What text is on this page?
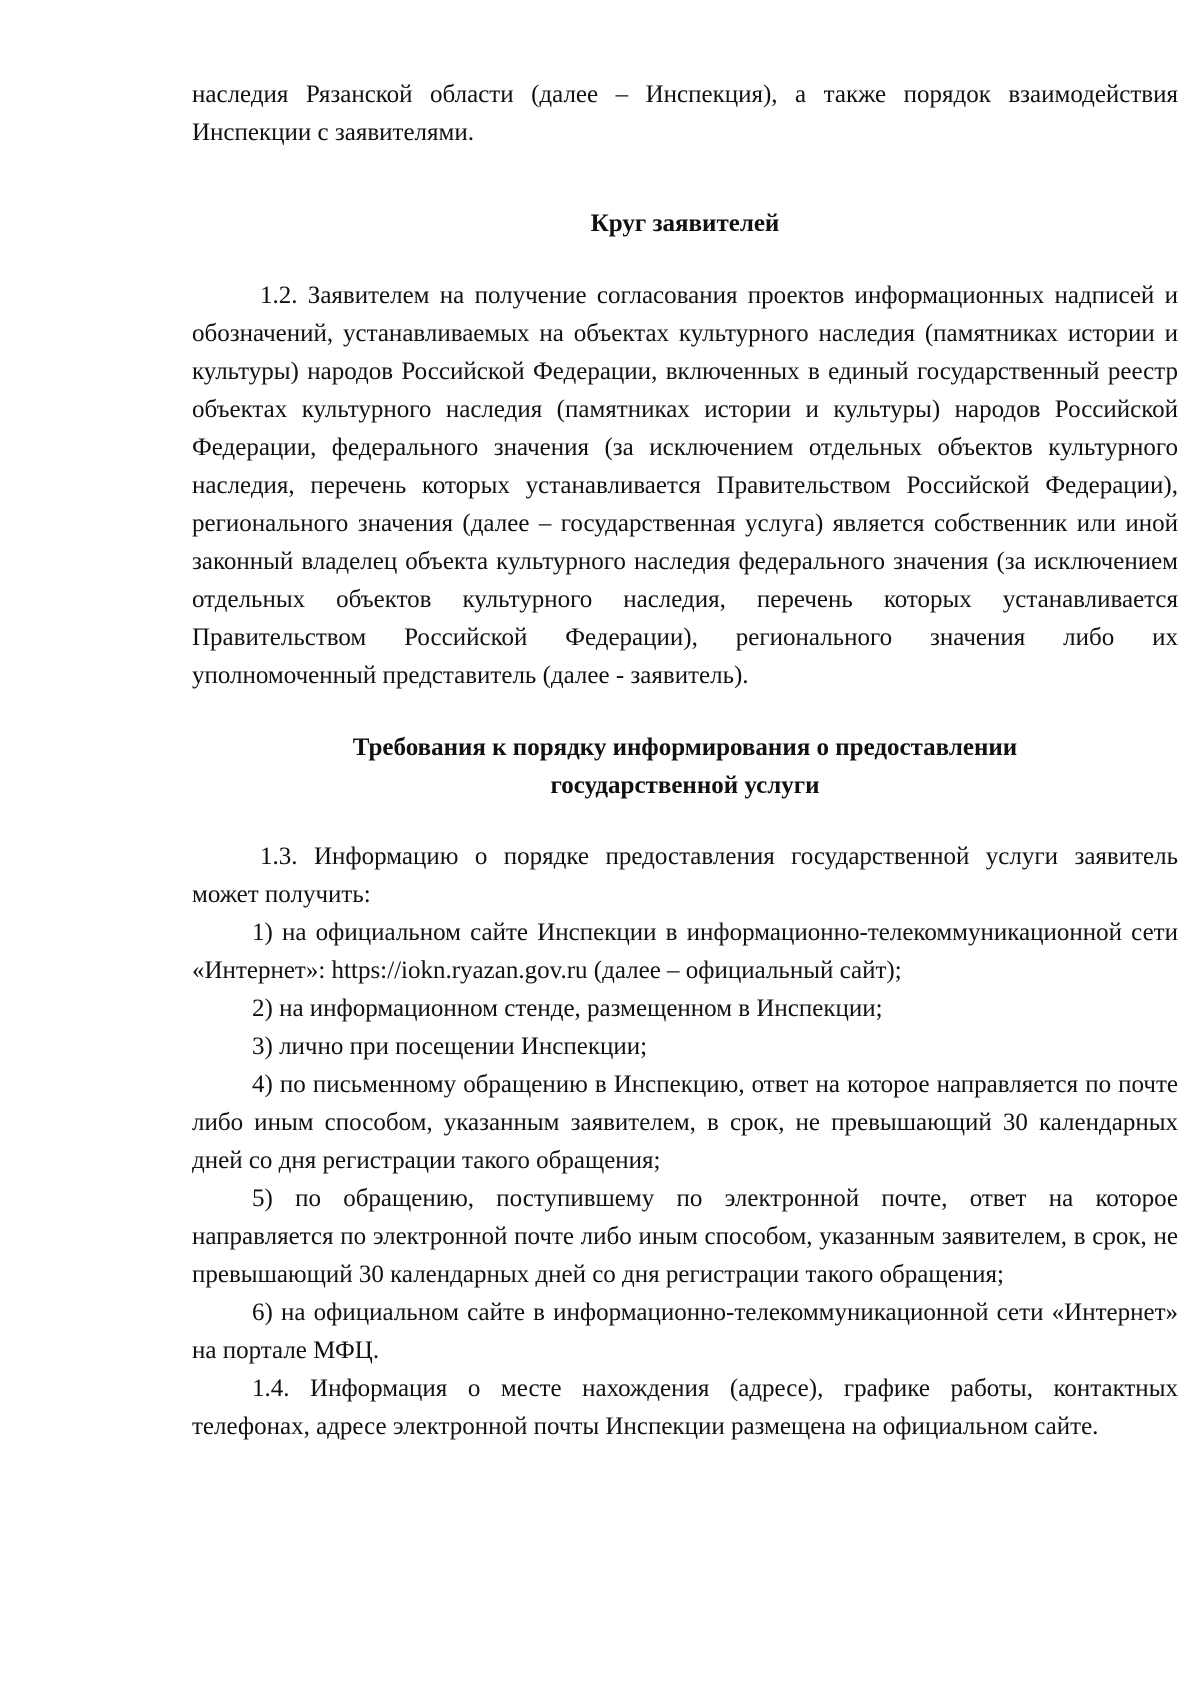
наследия Рязанской области (далее – Инспекция), а также порядок взаимодействия Инспекции с заявителями.

Круг заявителей

1.2. Заявителем на получение согласования проектов информационных надписей и обозначений, устанавливаемых на объектах культурного наследия (памятниках истории и культуры) народов Российской Федерации, включенных в единый государственный реестр объектах культурного наследия (памятниках истории и культуры) народов Российской Федерации, федерального значения (за исключением отдельных объектов культурного наследия, перечень которых устанавливается Правительством Российской Федерации), регионального значения (далее – государственная услуга) является собственник или иной законный владелец объекта культурного наследия федерального значения (за исключением отдельных объектов культурного наследия, перечень которых устанавливается Правительством Российской Федерации), регионального значения либо их уполномоченный представитель (далее - заявитель).

Требования к порядку информирования о предоставлении
государственной услуги

1.3. Информацию о порядке предоставления государственной услуги заявитель может получить:

1) на официальном сайте Инспекции в информационно-телекоммуникационной сети «Интернет»: https://iokn.ryazan.gov.ru (далее – официальный сайт);

2) на информационном стенде, размещенном в Инспекции;

3) лично при посещении Инспекции;

4) по письменному обращению в Инспекцию, ответ на которое направляется по почте либо иным способом, указанным заявителем, в срок, не превышающий 30 календарных дней со дня регистрации такого обращения;

5) по обращению, поступившему по электронной почте, ответ на которое направляется по электронной почте либо иным способом, указанным заявителем, в срок, не превышающий 30 календарных дней со дня регистрации такого обращения;

6) на официальном сайте в информационно-телекоммуникационной сети «Интернет» на портале МФЦ.

1.4. Информация о месте нахождения (адресе), графике работы, контактных телефонах, адресе электронной почты Инспекции размещена на официальном сайте.
